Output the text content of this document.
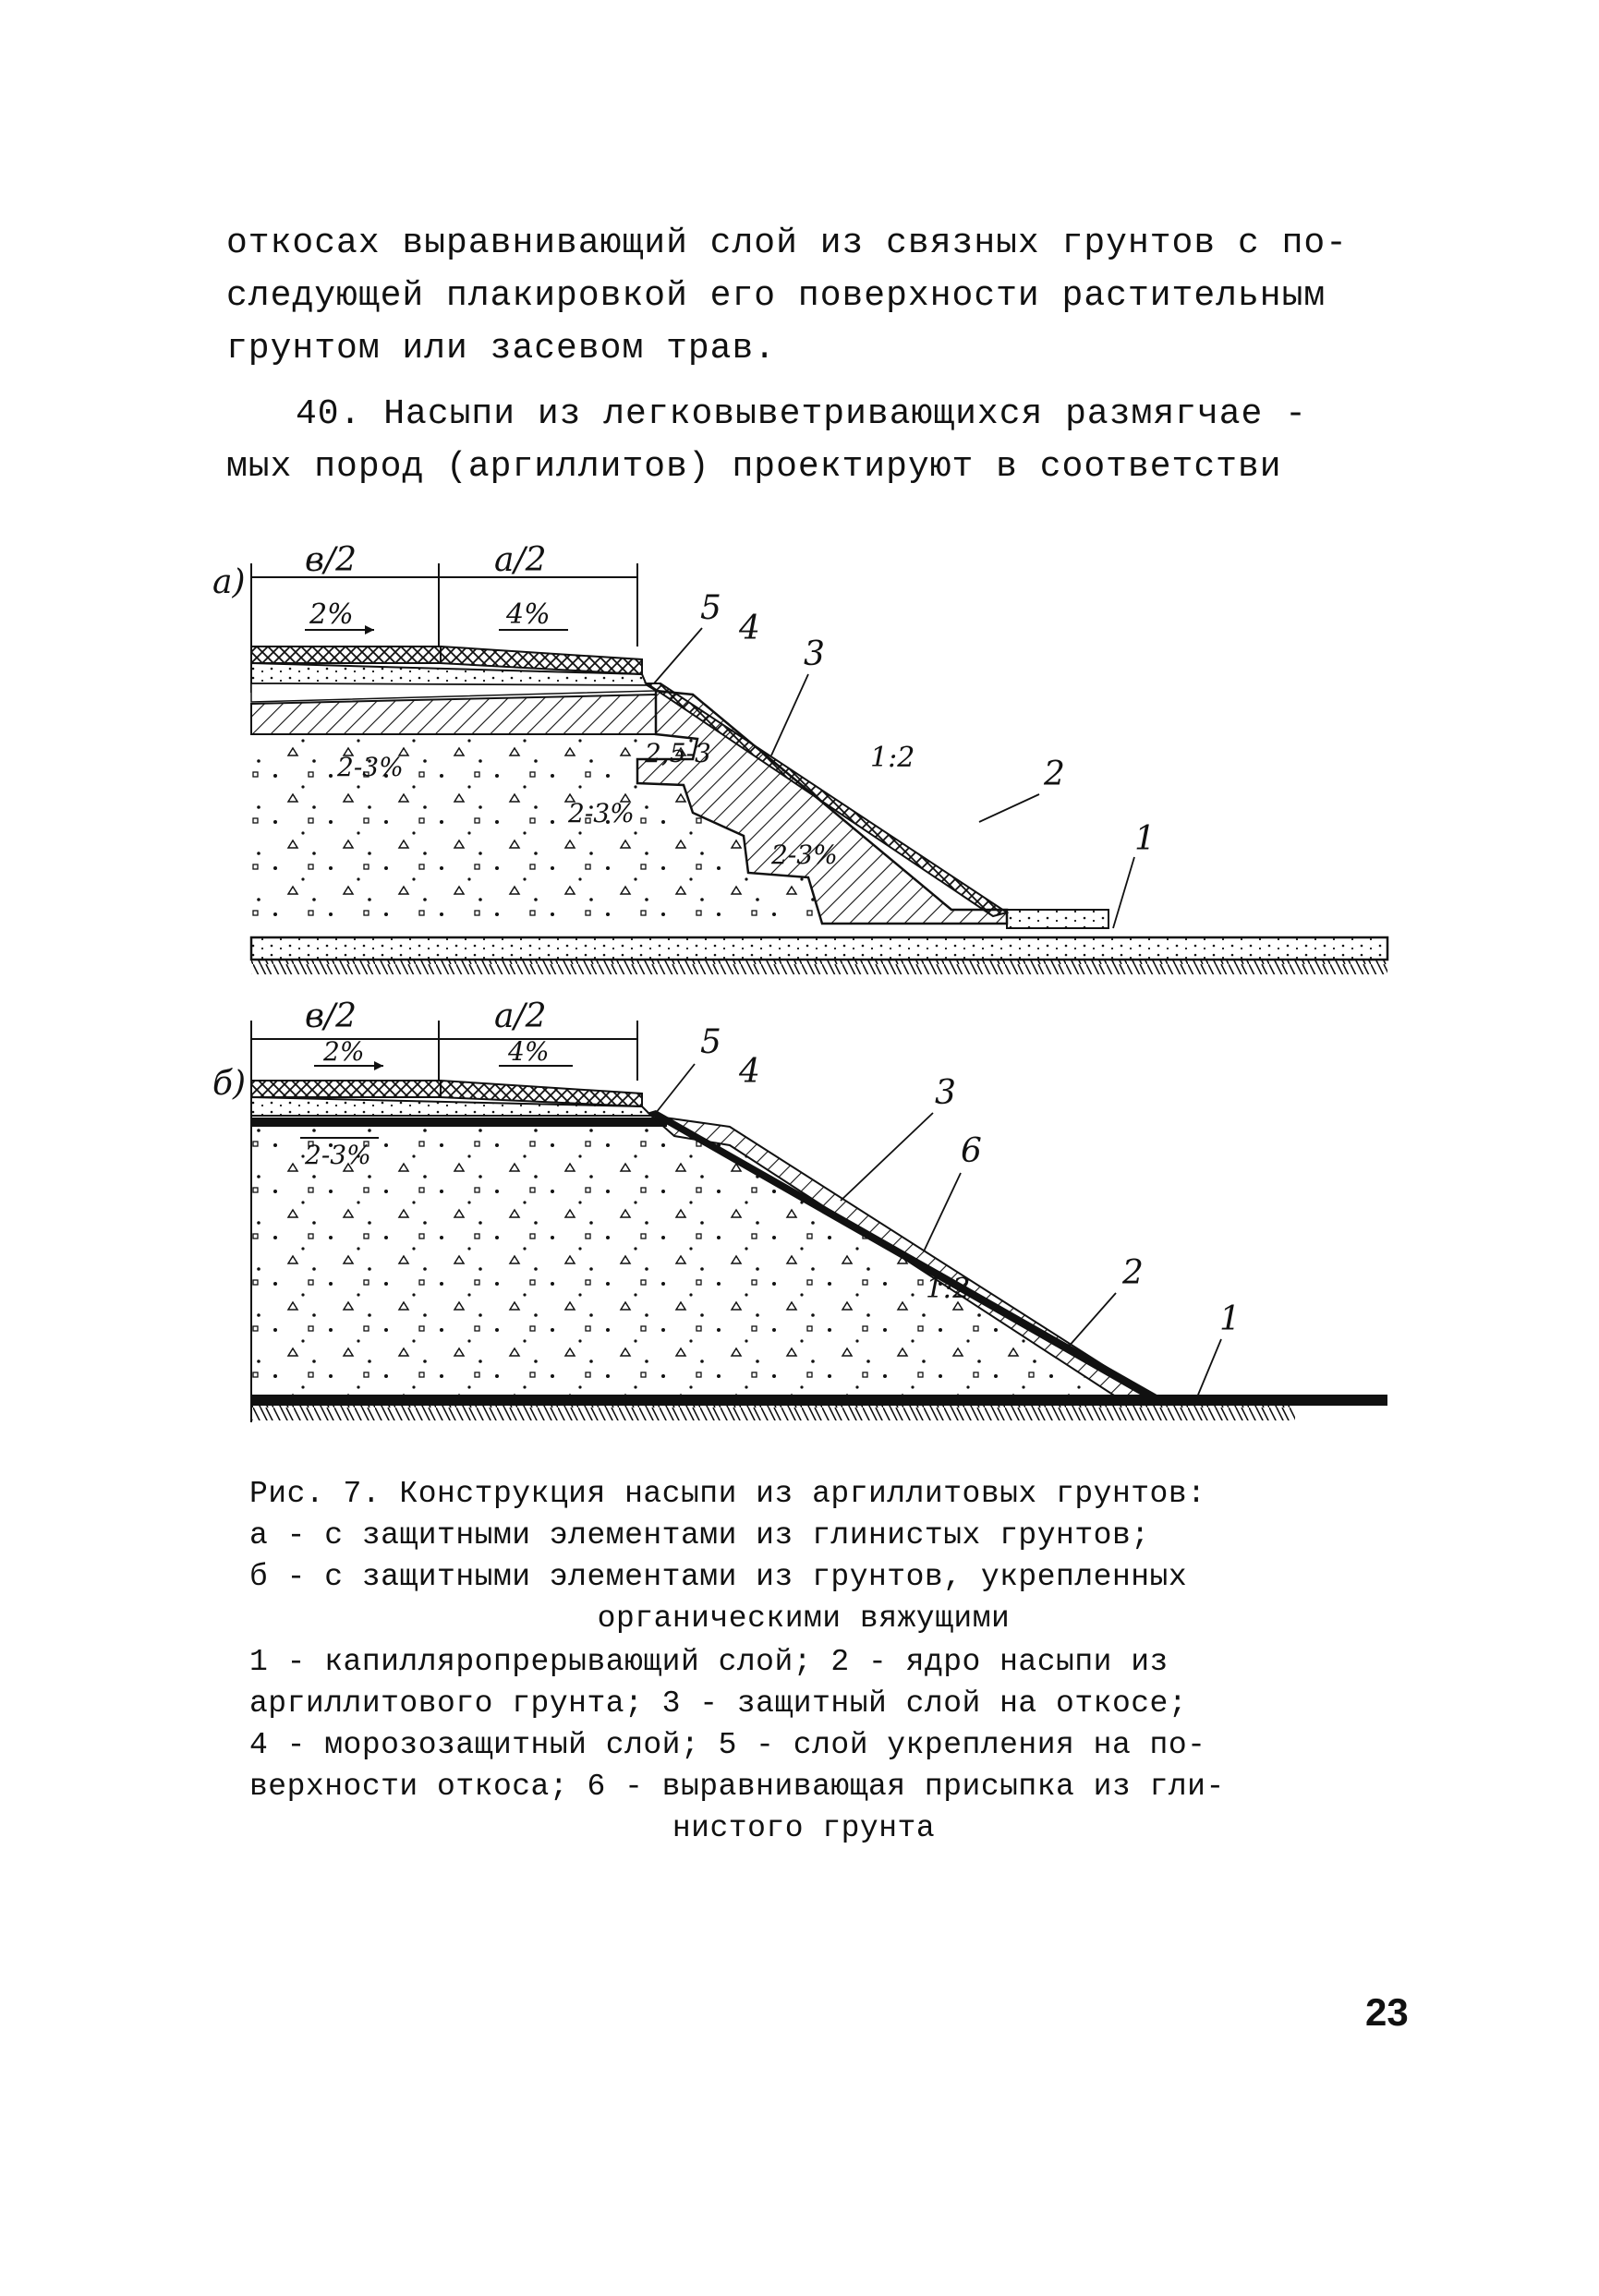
откосах выравнивающий слой из связных грунтов с по-

следующей плакировкой его поверхности растительным

грунтом или засевом трав.

40. Насыпи из легковыветривающихся размягчае -

мых пород (аргиллитов) проектируют в соответстви

а)
в/2	а/2
2%	4%
2-3%	2,5-3
2-3%
2-3%
1:2
5
4
3
2
1
б)
в/2	а/2
2%	4%
2-3%
1:2
5
4
3
6
2
1

Рис. 7. Конструкция насыпи из аргиллитовых грунтов:

а - с защитными элементами из глинистых грунтов;

б - с защитными элементами из грунтов, укрепленных

органическими вяжущими

1 - капилляропрерывающий слой; 2 - ядро насыпи из

аргиллитового грунта; 3 - защитный слой на откосе;

4 - морозозащитный слой; 5 - слой укрепления на по-

верхности откоса; 6 - выравнивающая присыпка из гли-

нистого грунта

23
